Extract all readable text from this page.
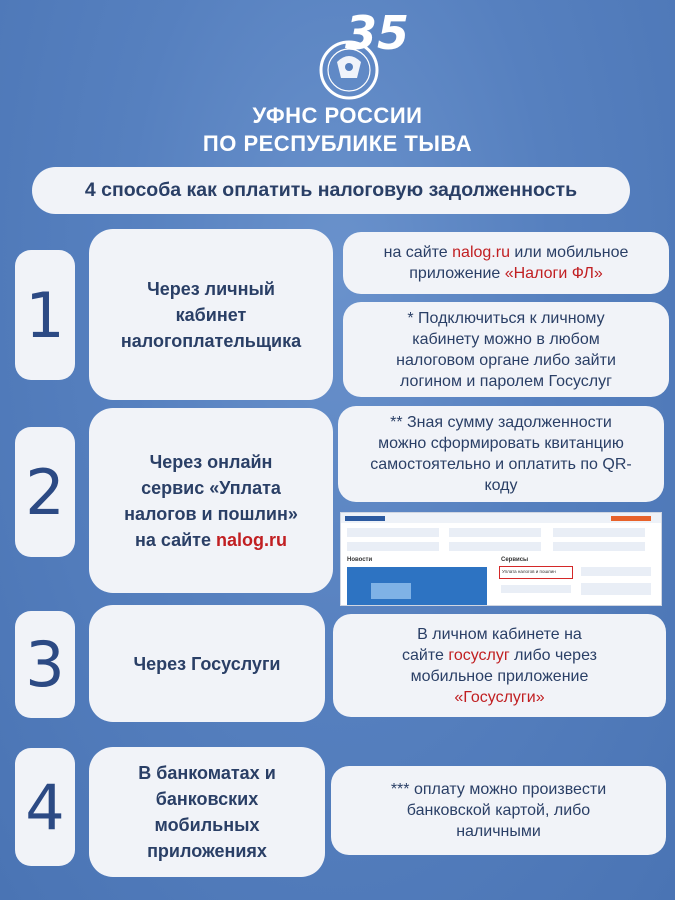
35
УФНС РОССИИ
ПО РЕСПУБЛИКЕ ТЫВА
4 способа как оплатить налоговую задолженность
1	Через личный
кабинет
налогоплательщика
на сайте nalog.ru или мобильное
приложение «Налоги ФЛ»
* Подключиться к личному
кабинету можно в любом
налоговом органе либо зайти
логином и паролем Госуслуг
2	Через онлайн
сервис «Уплата
налогов и пошлин»
на сайте nalog.ru
** Зная сумму задолженности
можно сформировать квитанцию
самостоятельно и оплатить по QR-
коду
Новости	Сервисы
Уплата налогов и пошлин
3	Через Госуслуги
В личном кабинете на
сайте госуслуг либо через
мобильное приложение
«Госуслуги»
4	В банкоматах и
банковских
мобильных
приложениях
*** оплату можно произвести
банковской картой, либо
наличными
